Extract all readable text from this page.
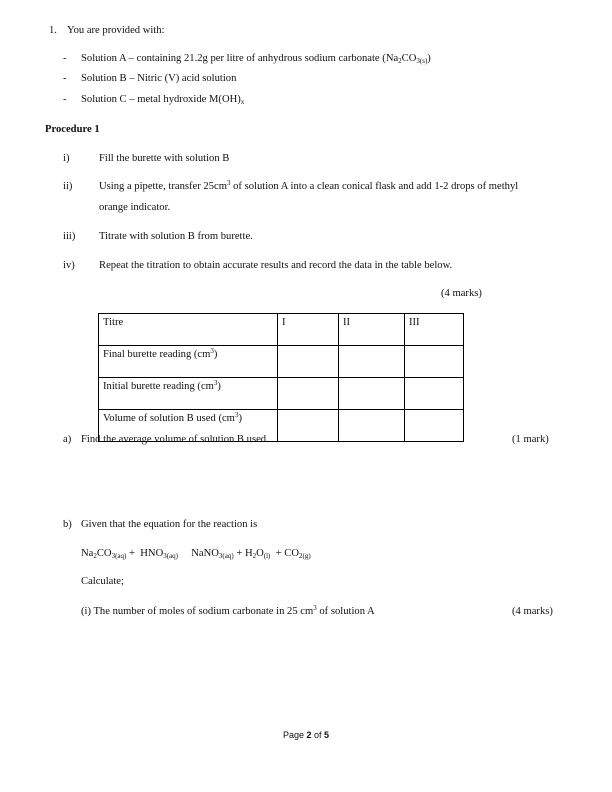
1. You are provided with:
- Solution A – containing 21.2g per litre of anhydrous sodium carbonate $(Na_2CO_{3(s)})$
- Solution B – Nitric (V) acid solution
- Solution C – metal hydroxide $M(OH)_x$
Procedure 1
i)	Fill the burette with solution B
ii)	Using a pipette, transfer $25cm^3$ of solution A into a clean conical flask and add 1-2 drops of methyl
orange indicator.
iii) Titrate with solution B from burette.
iv) Repeat the titration to obtain accurate results and record the data in the table below.
(4 marks)
Titre	I	II	III
Final burette reading $(cm^3)$			
Initial burette reading $(cm^3)$			
Volume of solution B used $(cm^3)$			
a) Find the average volume of solution B used.	(1 mark)
b) Given that the equation for the reaction is
$Na_2CO_{3(aq)} + HNO_{3(aq)}$     NaNO$_{3(aq)}$ + $H_2O_{(l)} + CO_{2(g)}$
Calculate;
(i) The number of moles of sodium carbonate in 25 $cm^3$ of solution A	(4 marks)
Page 2 of 5
